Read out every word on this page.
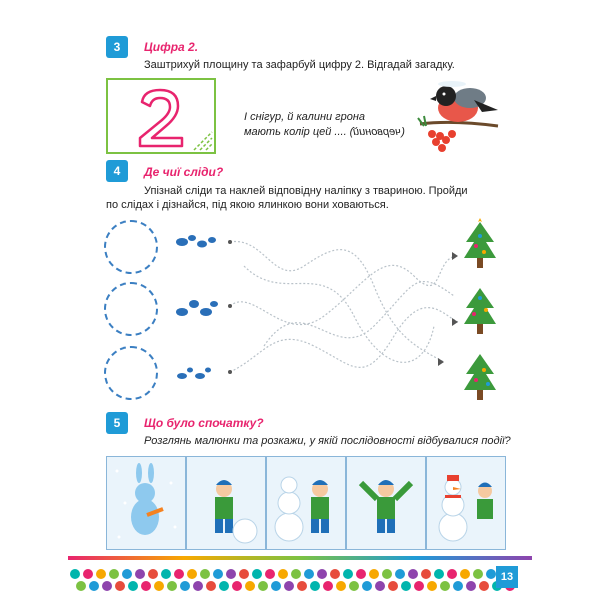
3	Цифра 2.
Заштрихуй площину та зафарбуй цифру 2. Відгадай загадку.
І снігур, й калини грона
мають колір цей .... (червоний)
4	Де чиї сліди?
Упізнай сліди та наклей відповідну наліпку з твариною. Пройди
по слідах і дізнайся, під якою ялинкою вони ховаються.
5	Що було спочатку?
Розглянь малюнки та розкажи, у якій послідовності відбувалися події?
13
